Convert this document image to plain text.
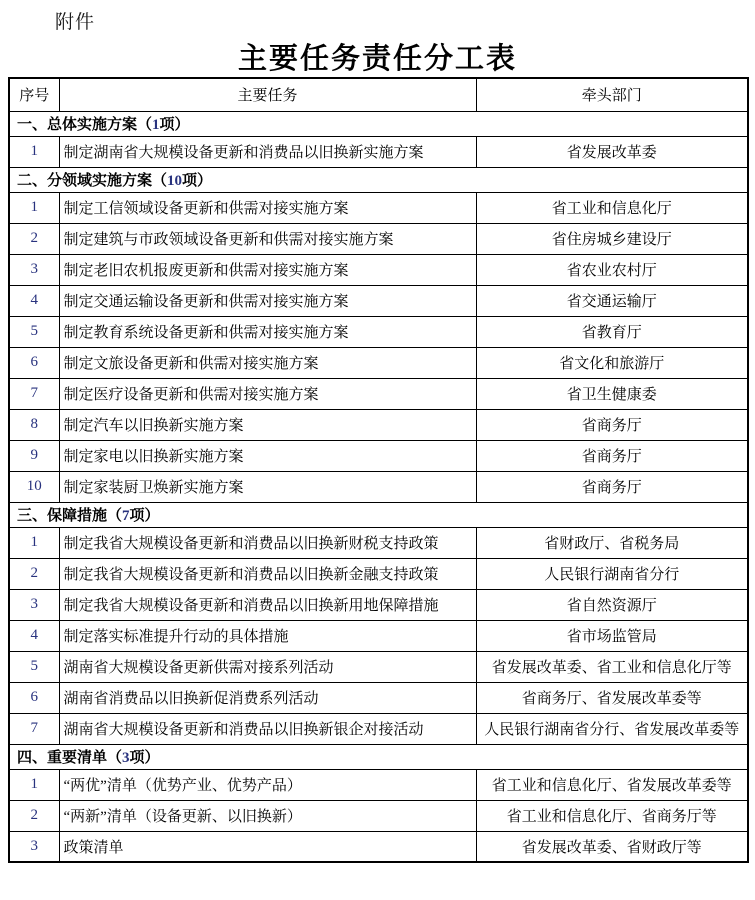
附件
主要任务责任分工表
序号	主要任务	牵头部门
一、总体实施方案（1项）		
1	制定湖南省大规模设备更新和消费品以旧换新实施方案	省发展改革委
二、分领域实施方案（10项）		
1	制定工信领域设备更新和供需对接实施方案	省工业和信息化厅
2	制定建筑与市政领域设备更新和供需对接实施方案	省住房城乡建设厅
3	制定老旧农机报废更新和供需对接实施方案	省农业农村厅
4	制定交通运输设备更新和供需对接实施方案	省交通运输厅
5	制定教育系统设备更新和供需对接实施方案	省教育厅
6	制定文旅设备更新和供需对接实施方案	省文化和旅游厅
7	制定医疗设备更新和供需对接实施方案	省卫生健康委
8	制定汽车以旧换新实施方案	省商务厅
9	制定家电以旧换新实施方案	省商务厅
10	制定家装厨卫焕新实施方案	省商务厅
三、保障措施（7项）		
1	制定我省大规模设备更新和消费品以旧换新财税支持政策	省财政厅、省税务局
2	制定我省大规模设备更新和消费品以旧换新金融支持政策	人民银行湖南省分行
3	制定我省大规模设备更新和消费品以旧换新用地保障措施	省自然资源厅
4	制定落实标准提升行动的具体措施	省市场监管局
5	湖南省大规模设备更新供需对接系列活动	省发展改革委、省工业和信息化厅等
6	湖南省消费品以旧换新促消费系列活动	省商务厅、省发展改革委等
7	湖南省大规模设备更新和消费品以旧换新银企对接活动	人民银行湖南省分行、省发展改革委等
四、重要清单（3项）		
1	“两优”清单（优势产业、优势产品）	省工业和信息化厅、省发展改革委等
2	“两新”清单（设备更新、以旧换新）	省工业和信息化厅、省商务厅等
3	政策清单	省发展改革委、省财政厅等
